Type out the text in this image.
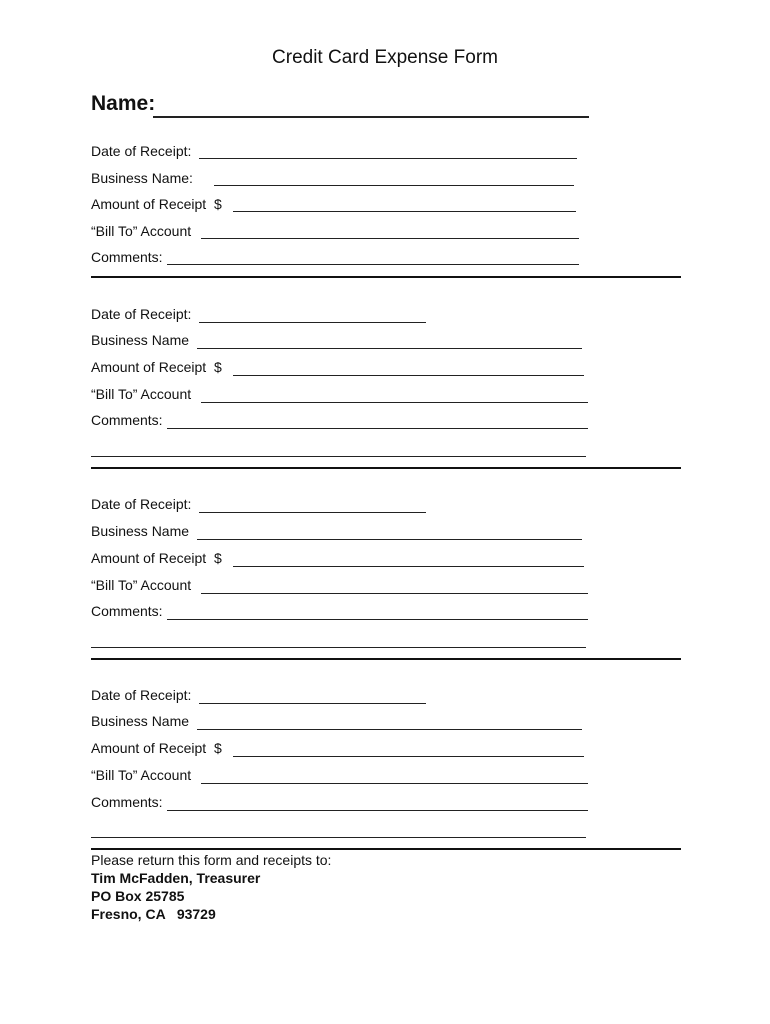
Credit Card Expense Form
Name:
Date of Receipt:
Business Name:
Amount of Receipt  $
“Bill To” Account
Comments:
Date of Receipt:
Business Name
Amount of Receipt  $
“Bill To” Account
Comments:
Date of Receipt:
Business Name
Amount of Receipt  $
“Bill To” Account
Comments:
Date of Receipt:
Business Name
Amount of Receipt  $
“Bill To” Account
Comments:
Please return this form and receipts to:
Tim McFadden, Treasurer
PO Box 25785
Fresno, CA   93729
